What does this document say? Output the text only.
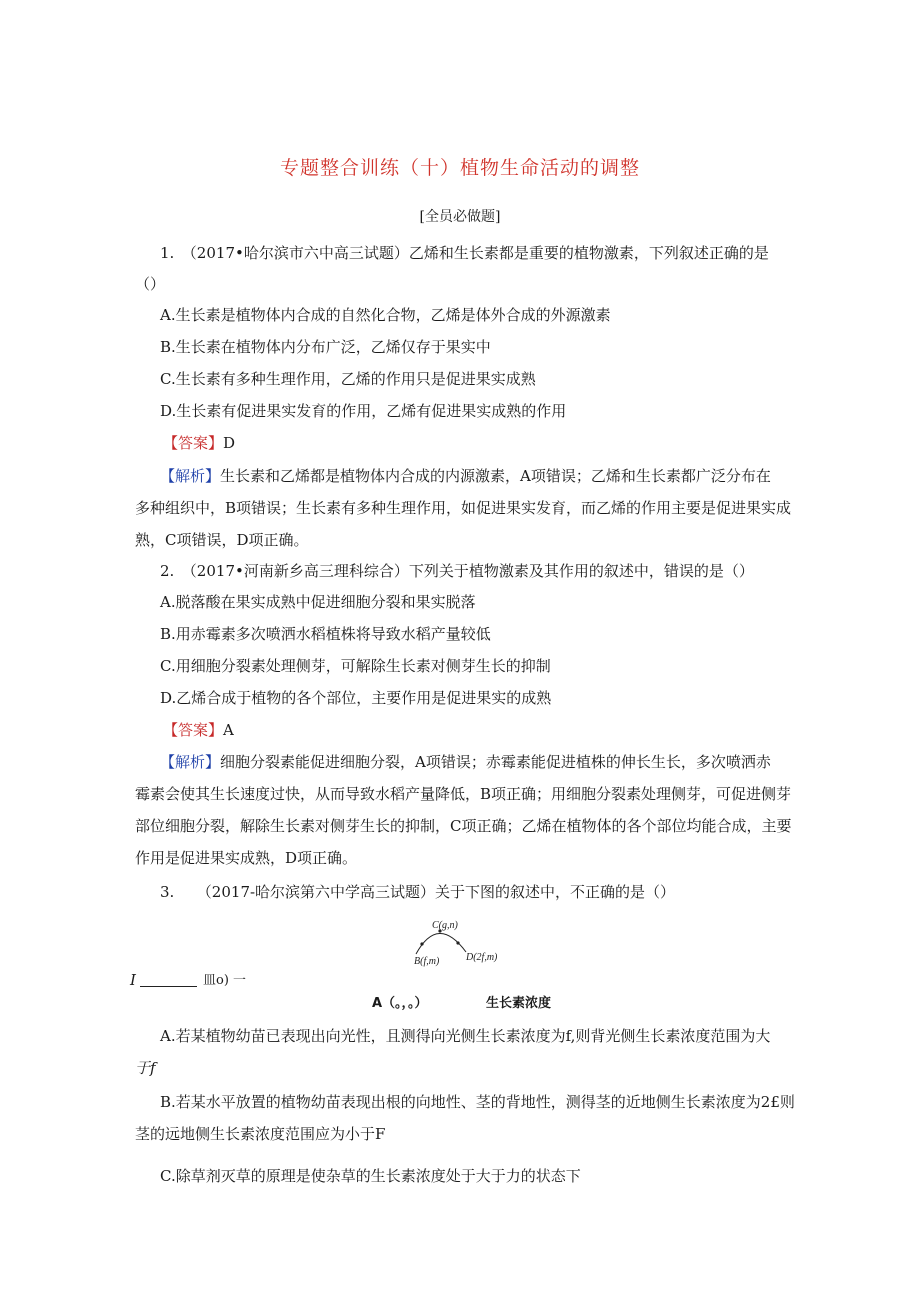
专题整合训练（十）植物生命活动的调整
[全员必做题]
1.　（2017•哈尔滨市六中高三试题）乙烯和生长素都是重要的植物激素，下列叙述正确的是
（）
A.生长素是植物体内合成的自然化合物，乙烯是体外合成的外源激素
B.生长素在植物体内分布广泛，乙烯仅存于果实中
C.生长素有多种生理作用，乙烯的作用只是促进果实成熟
D.生长素有促进果实发育的作用，乙烯有促进果实成熟的作用
【答案】D
【解析】生长素和乙烯都是植物体内合成的内源激素，A项错误；乙烯和生长素都广泛分布在
多种组织中，B项错误；生长素有多种生理作用，如促进果实发育，而乙烯的作用主要是促进果实成
熟，C项错误，D项正确。
2.　（2017•河南新乡高三理科综合）下列关于植物激素及其作用的叙述中，错误的是（）
A.脱落酸在果实成熟中促进细胞分裂和果实脱落
B.用赤霉素多次喷洒水稻植株将导致水稻产量较低
C.用细胞分裂素处理侧芽，可解除生长素对侧芽生长的抑制
D.乙烯合成于植物的各个部位，主要作用是促进果实的成熟
【答案】A
【解析】细胞分裂素能促进细胞分裂，A项错误；赤霉素能促进植株的伸长生长，多次喷洒赤
霉素会使其生长速度过快，从而导致水稻产量降低，B项正确；用细胞分裂素处理侧芽，可促进侧芽
部位细胞分裂，解除生长素对侧芽生长的抑制，C项正确；乙烯在植物体的各个部位均能合成，主要
作用是促进果实成熟，D项正确。
3.　　（2017-哈尔滨第六中学高三试题）关于下图的叙述中，不正确的是（）
C(g,n)
B(f,m)	D(2f,m)
I	皿o) 一
A（。，。）	生长素浓度
A.若某植物幼苗已表现出向光性，且测得向光侧生长素浓度为f,则背光侧生长素浓度范围为大
于f
B.若某水平放置的植物幼苗表现出根的向地性、茎的背地性，测得茎的近地侧生长素浓度为2£则
茎的远地侧生长素浓度范围应为小于F
C.除草剂灭草的原理是使杂草的生长素浓度处于大于力的状态下
